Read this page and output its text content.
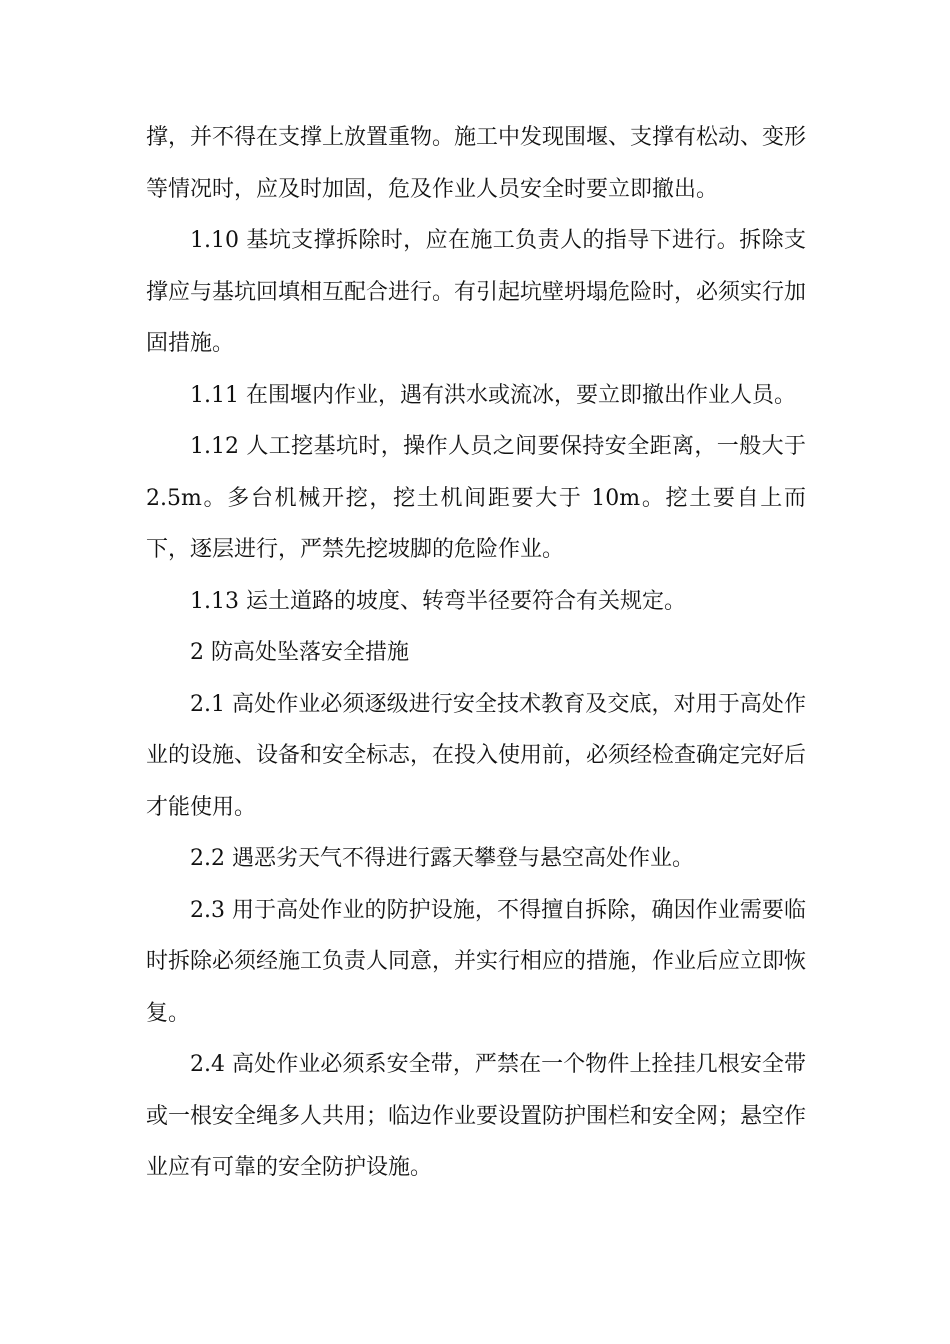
撑，并不得在支撑上放置重物。施工中发现围堰、支撑有松动、变形等情况时，应及时加固，危及作业人员安全时要立即撤出。

1.10 基坑支撑拆除时，应在施工负责人的指导下进行。拆除支撑应与基坑回填相互配合进行。有引起坑壁坍塌危险时，必须实行加固措施。

1.11 在围堰内作业，遇有洪水或流冰，要立即撤出作业人员。

1.12 人工挖基坑时，操作人员之间要保持安全距离，一般大于2.5m。多台机械开挖，挖土机间距要大于 10m。挖土要自上而下，逐层进行，严禁先挖坡脚的危险作业。

1.13 运土道路的坡度、转弯半径要符合有关规定。

2 防高处坠落安全措施

2.1 高处作业必须逐级进行安全技术教育及交底，对用于高处作业的设施、设备和安全标志，在投入使用前，必须经检查确定完好后才能使用。

2.2 遇恶劣天气不得进行露天攀登与悬空高处作业。

2.3 用于高处作业的防护设施，不得擅自拆除，确因作业需要临时拆除必须经施工负责人同意，并实行相应的措施，作业后应立即恢复。

2.4 高处作业必须系安全带，严禁在一个物件上拴挂几根安全带或一根安全绳多人共用；临边作业要设置防护围栏和安全网；悬空作业应有可靠的安全防护设施。
